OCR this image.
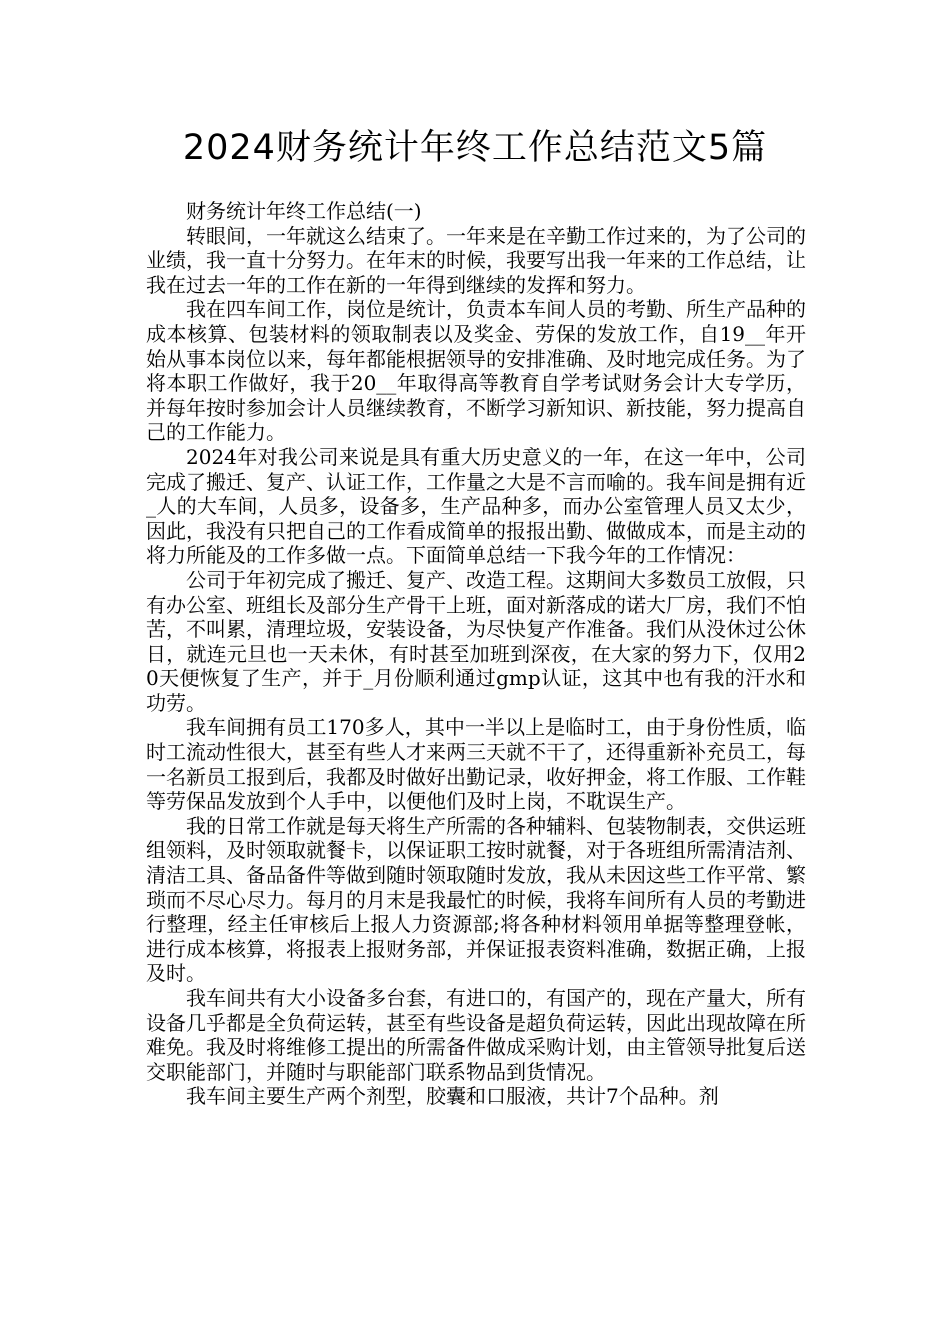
2024财务统计年终工作总结范文5篇

财务统计年终工作总结(一)

转眼间，一年就这么结束了。一年来是在辛勤工作过来的，为了公司的业绩，我一直十分努力。在年末的时候，我要写出我一年来的工作总结，让我在过去一年的工作在新的一年得到继续的发挥和努力。

我在四车间工作，岗位是统计，负责本车间人员的考勤、所生产品种的成本核算、包装材料的领取制表以及奖金、劳保的发放工作，自19__年开始从事本岗位以来，每年都能根据领导的安排准确、及时地完成任务。为了将本职工作做好，我于20__年取得高等教育自学考试财务会计大专学历，并每年按时参加会计人员继续教育，不断学习新知识、新技能，努力提高自己的工作能力。

2024年对我公司来说是具有重大历史意义的一年，在这一年中，公司完成了搬迁、复产、认证工作，工作量之大是不言而喻的。我车间是拥有近_人的大车间，人员多，设备多，生产品种多，而办公室管理人员又太少，因此，我没有只把自己的工作看成简单的报报出勤、做做成本，而是主动的将力所能及的工作多做一点。下面简单总结一下我今年的工作情况：

公司于年初完成了搬迁、复产、改造工程。这期间大多数员工放假，只有办公室、班组长及部分生产骨干上班，面对新落成的诺大厂房，我们不怕苦，不叫累，清理垃圾，安装设备，为尽快复产作准备。我们从没休过公休日，就连元旦也一天未休，有时甚至加班到深夜，在大家的努力下，仅用20天便恢复了生产，并于_月份顺利通过gmp认证，这其中也有我的汗水和功劳。

我车间拥有员工170多人，其中一半以上是临时工，由于身份性质，临时工流动性很大，甚至有些人才来两三天就不干了，还得重新补充员工，每一名新员工报到后，我都及时做好出勤记录，收好押金，将工作服、工作鞋等劳保品发放到个人手中，以便他们及时上岗，不耽误生产。

我的日常工作就是每天将生产所需的各种辅料、包装物制表，交供运班组领料，及时领取就餐卡，以保证职工按时就餐，对于各班组所需清洁剂、清洁工具、备品备件等做到随时领取随时发放，我从未因这些工作平常、繁琐而不尽心尽力。每月的月末是我最忙的时候，我将车间所有人员的考勤进行整理，经主任审核后上报人力资源部;将各种材料领用单据等整理登帐，进行成本核算，将报表上报财务部，并保证报表资料准确，数据正确，上报及时。

我车间共有大小设备多台套，有进口的，有国产的，现在产量大，所有设备几乎都是全负荷运转，甚至有些设备是超负荷运转，因此出现故障在所难免。我及时将维修工提出的所需备件做成采购计划，由主管领导批复后送交职能部门，并随时与职能部门联系物品到货情况。

我车间主要生产两个剂型，胶囊和口服液，共计7个品种。剂
